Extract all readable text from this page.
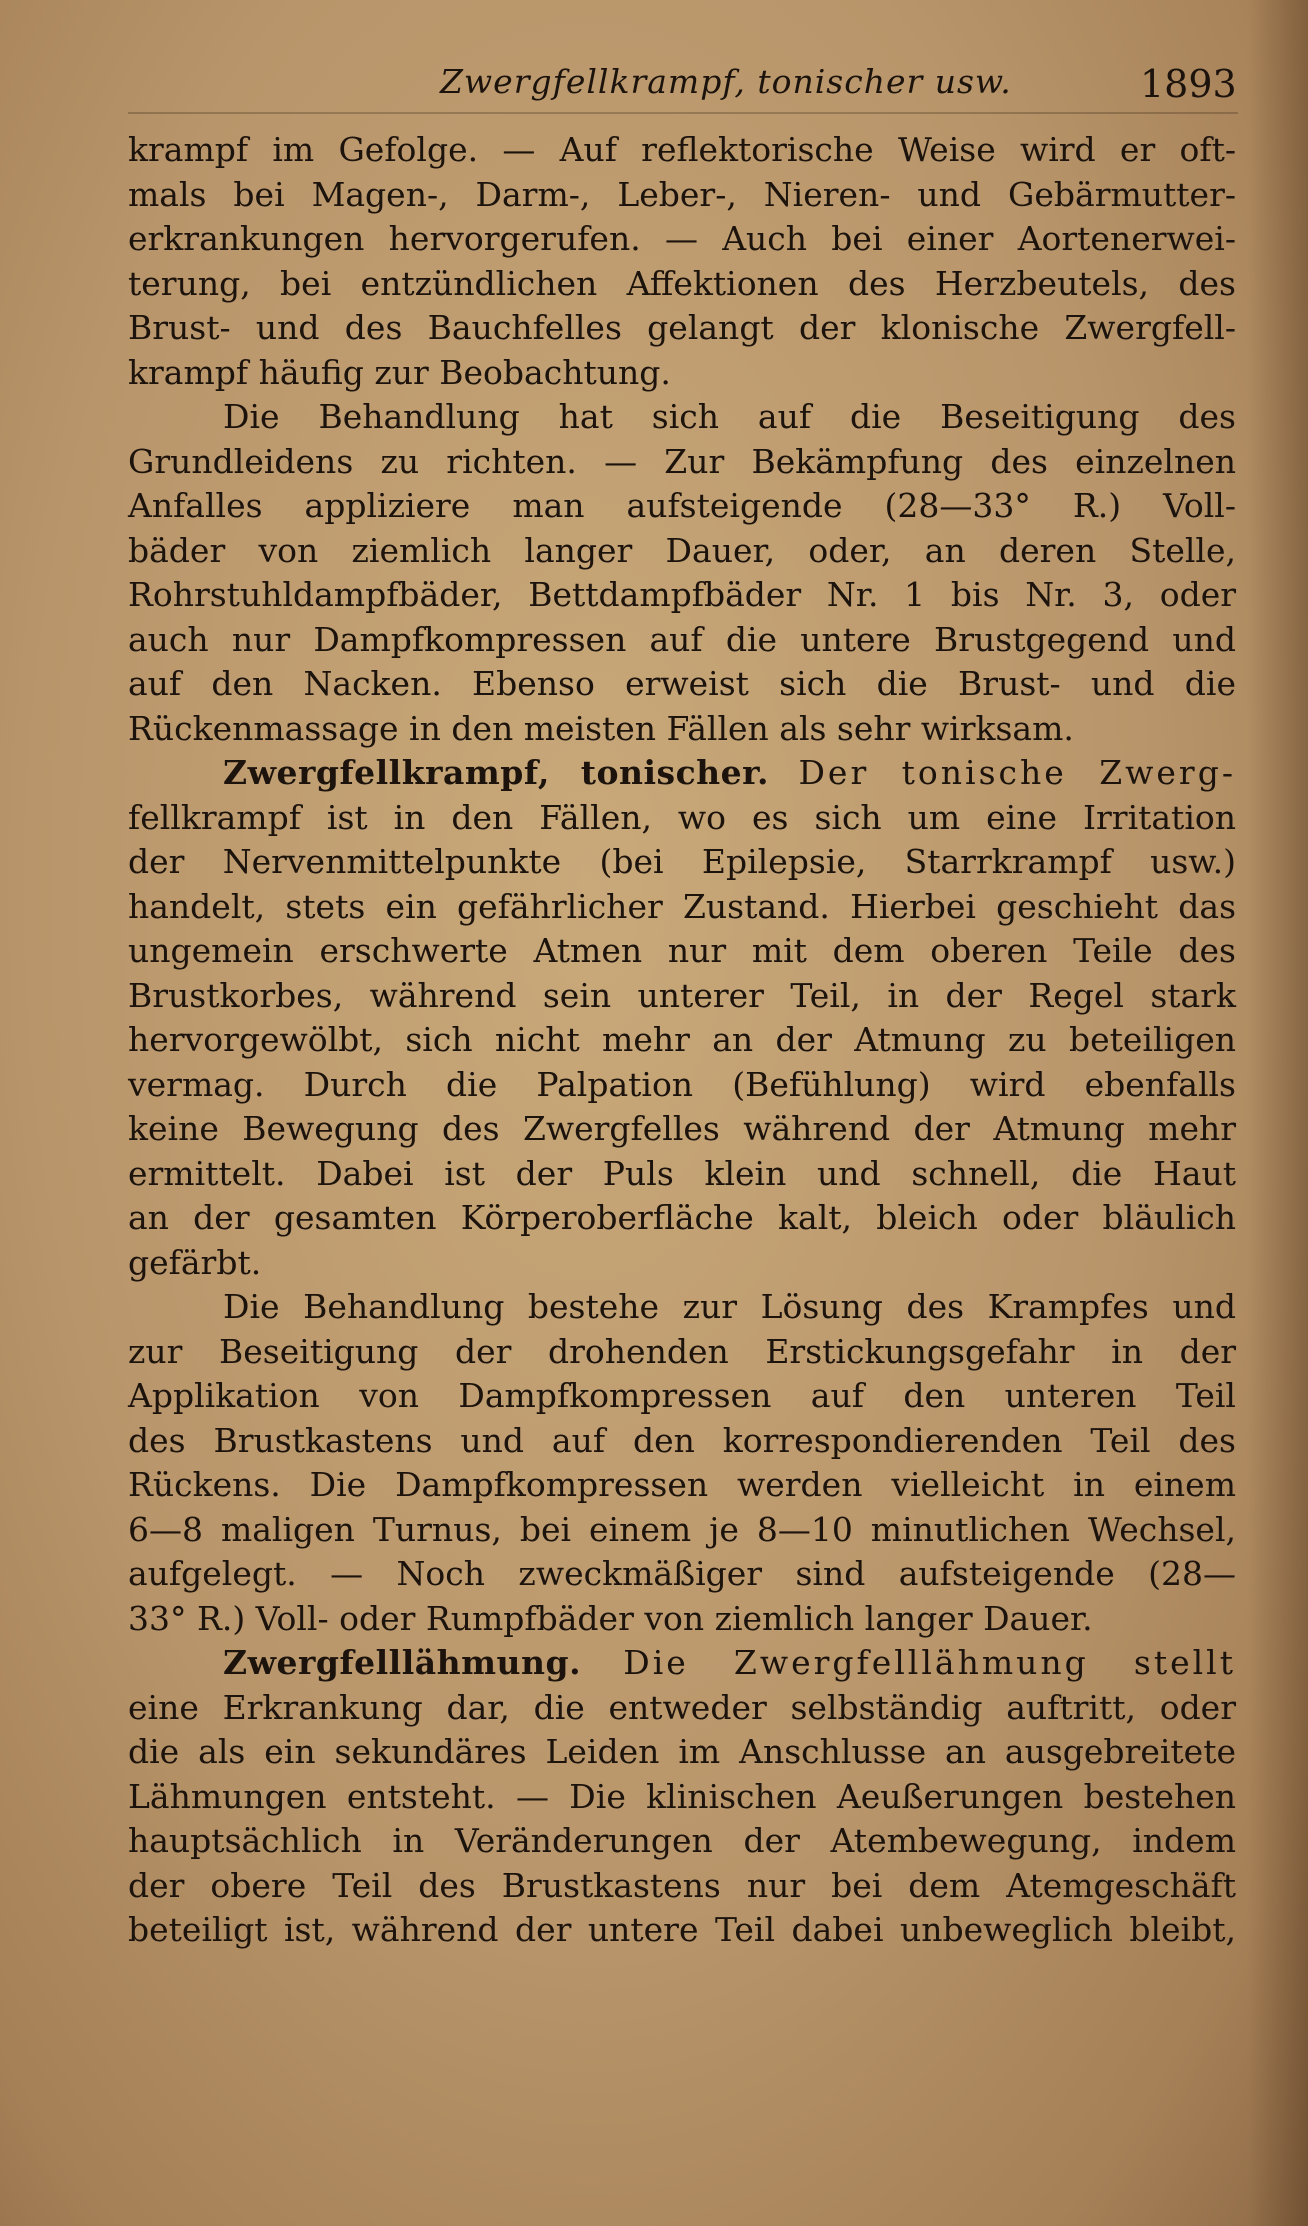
Zwergfellkrampf, tonischer usw.	1893
krampf im Gefolge. — Auf reflektorische Weise wird er oft-
mals bei Magen-, Darm-, Leber-, Nieren- und Gebärmutter-
erkrankungen hervorgerufen. — Auch bei einer Aortenerwei-
terung, bei entzündlichen Affektionen des Herzbeutels, des
Brust- und des Bauchfelles gelangt der klonische Zwergfell-
krampf häufig zur Beobachtung.
Die Behandlung hat sich auf die Beseitigung des
Grundleidens zu richten. — Zur Bekämpfung des einzelnen
Anfalles appliziere man aufsteigende (28—33° R.) Voll-
bäder von ziemlich langer Dauer, oder, an deren Stelle,
Rohrstuhldampfbäder, Bettdampfbäder Nr. 1 bis Nr. 3, oder
auch nur Dampfkompressen auf die untere Brustgegend und
auf den Nacken. Ebenso erweist sich die Brust- und die
Rückenmassage in den meisten Fällen als sehr wirksam.
Zwergfellkrampf, tonischer. Der tonische Zwerg-
fellkrampf ist in den Fällen, wo es sich um eine Irritation
der Nervenmittelpunkte (bei Epilepsie, Starrkrampf usw.)
handelt, stets ein gefährlicher Zustand. Hierbei geschieht das
ungemein erschwerte Atmen nur mit dem oberen Teile des
Brustkorbes, während sein unterer Teil, in der Regel stark
hervorgewölbt, sich nicht mehr an der Atmung zu beteiligen
vermag. Durch die Palpation (Befühlung) wird ebenfalls
keine Bewegung des Zwergfelles während der Atmung mehr
ermittelt. Dabei ist der Puls klein und schnell, die Haut
an der gesamten Körperoberfläche kalt, bleich oder bläulich
gefärbt.
Die Behandlung bestehe zur Lösung des Krampfes und
zur Beseitigung der drohenden Erstickungsgefahr in der
Applikation von Dampfkompressen auf den unteren Teil
des Brustkastens und auf den korrespondierenden Teil des
Rückens. Die Dampfkompressen werden vielleicht in einem
6—8 maligen Turnus, bei einem je 8—10 minutlichen Wechsel,
aufgelegt. — Noch zweckmäßiger sind aufsteigende (28—
33° R.) Voll- oder Rumpfbäder von ziemlich langer Dauer.
Zwergfelllähmung. Die Zwergfelllähmung stellt
eine Erkrankung dar, die entweder selbständig auftritt, oder
die als ein sekundäres Leiden im Anschlusse an ausgebreitete
Lähmungen entsteht. — Die klinischen Aeußerungen bestehen
hauptsächlich in Veränderungen der Atembewegung, indem
der obere Teil des Brustkastens nur bei dem Atemgeschäft
beteiligt ist, während der untere Teil dabei unbeweglich bleibt,
